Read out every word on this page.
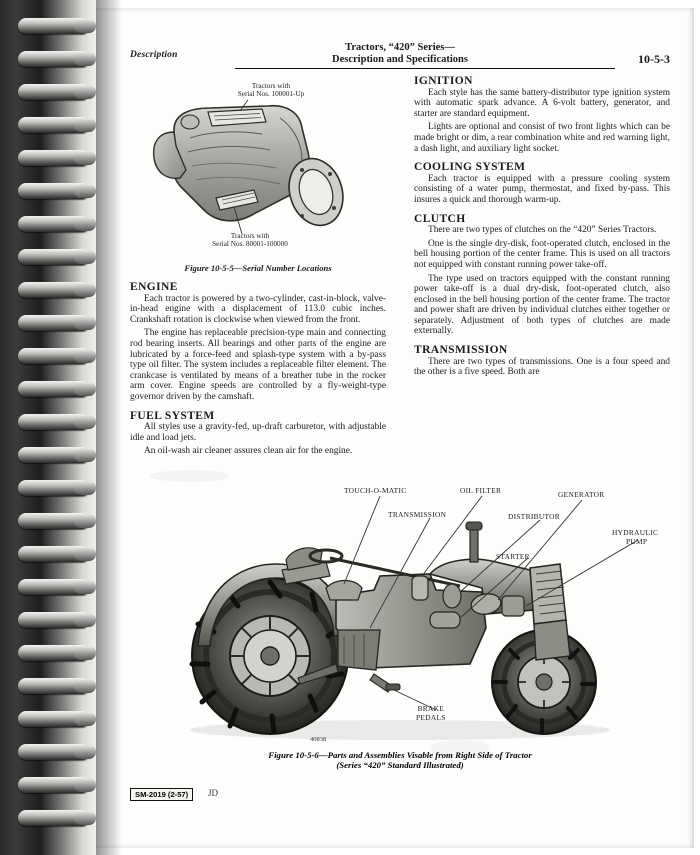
Description
Tractors, “420” Series—
Description and Specifications	10-5-3
Tractors with
Serial Nos. 100001-Up
Tractors with
Serial Nos. 80001-100000
Figure 10-5-5—Serial Number Locations
ENGINE

Each tractor is powered by a two-cylinder, cast-in-block, valve-in-head engine with a displacement of 113.0 cubic inches. Crankshaft rotation is clockwise when viewed from the front.

The engine has replaceable precision-type main and connecting rod bearing inserts. All bearings and other parts of the engine are lubricated by a force-feed and splash-type system with a by-pass type oil filter. The system includes a replaceable filter element. The crankcase is ventilated by means of a breather tube in the rocker arm cover. Engine speeds are controlled by a fly-weight-type governor driven by the camshaft.

FUEL SYSTEM

All styles use a gravity-fed, up-draft carburetor, with adjustable idle and load jets.

An oil-wash air cleaner assures clean air for the engine.

IGNITION

Each style has the same battery-distributor type ignition system with automatic spark advance. A 6-volt battery, generator, and starter are standard equipment.

Lights are optional and consist of two front lights which can be made bright or dim, a rear combination white and red warning light, a dash light, and auxiliary light socket.

COOLING SYSTEM

Each tractor is equipped with a pressure cooling system consisting of a water pump, thermostat, and fixed by-pass. This insures a quick and thorough warm-up.

CLUTCH

There are two types of clutches on the “420” Series Tractors.

One is the single dry-disk, foot-operated clutch, enclosed in the bell housing portion of the center frame. This is used on all tractors not equipped with constant running power take-off.

The type used on tractors equipped with the constant running power take-off is a dual dry-disk, foot-operated clutch, also enclosed in the bell housing portion of the center frame. The tractor and power shaft are driven by individual clutches either together or separately. Adjustment of both types of clutches are made externally.

TRANSMISSION

There are two types of transmissions. One is a four speed and the other is a five speed. Both are

TOUCH-O-MATIC	OIL FILTER	GENERATOR
TRANSMISSION	DISTRIBUTOR
HYDRAULIC
PUMP
STARTER
BRAKE
PEDALS
40838
Figure 10-5-6—Parts and Assemblies Visable from Right Side of Tractor
(Series “420” Standard Illustrated)
SM-2019 (2-57)	JD
